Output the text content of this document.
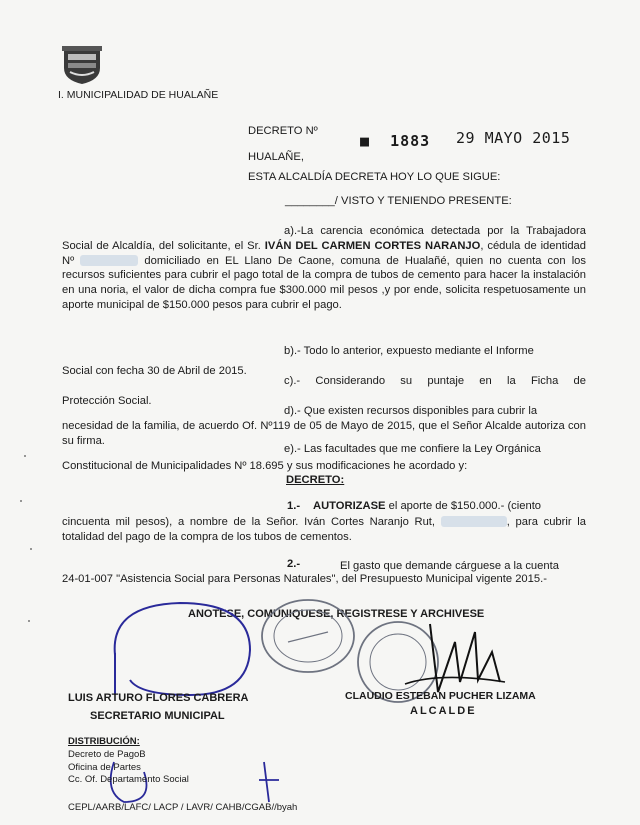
I. MUNICIPALIDAD DE HUALAÑE
DECRETO Nº
■  1883 29 MAYO 2015
HUALAÑE,
ESTA ALCALDÍA DECRETA HOY LO QUE SIGUE:
________/ VISTO Y TENIENDO PRESENTE:
a).-La carencia económica detectada por la Trabajadora Social de Alcaldía, del solicitante, el Sr. IVÁN DEL CARMEN CORTES NARANJO, cédula de identidad Nº	domiciliado en EL Llano De Caone, comuna de Hualañé, quien no cuenta con los recursos suficientes para cubrir el pago total de la compra de tubos de cemento para hacer la instalación en una noria, el valor de dicha compra fue $300.000 mil pesos ,y por ende, solicita respetuosamente un aporte municipal de $150.000 pesos para cubrir el pago.
b).- Todo lo anterior, expuesto mediante el Informe
Social con fecha 30 de Abril de 2015.
c).- Considerando su puntaje en la Ficha de
Protección Social.
d).- Que existen recursos disponibles para cubrir la
necesidad de la familia, de acuerdo Of. Nº119 de 05 de Mayo de 2015, que el Señor Alcalde autoriza con su firma.
e).- Las facultades que me confiere la Ley Orgánica
Constitucional de Municipalidades Nº 18.695 y sus modificaciones he acordado y:
DECRETO:
1.- AUTORIZASE el aporte de $150.000.- (ciento
cincuenta mil pesos), a nombre de la Señor. Iván Cortes Naranjo Rut,	, para cubrir la totalidad del pago de la compra de los tubos de cementos.
2.-	El gasto que demande cárguese a la cuenta
24-01-007 "Asistencia Social para Personas Naturales", del Presupuesto Municipal vigente 2015.-
ANOTESE, COMUNIQUESE, REGISTRESE Y ARCHIVESE
LUIS ARTURO FLORES CABRERA
SECRETARIO MUNICIPAL
CLAUDIO ESTEBAN PUCHER LIZAMA
ALCALDE
DISTRIBUCIÓN:
Decreto de PagoB
Oficina de Partes
Cc. Of. Departamento Social
CEPL/AARB/LAFC/ LACP / LAVR/ CAHB/CGAB//byah
